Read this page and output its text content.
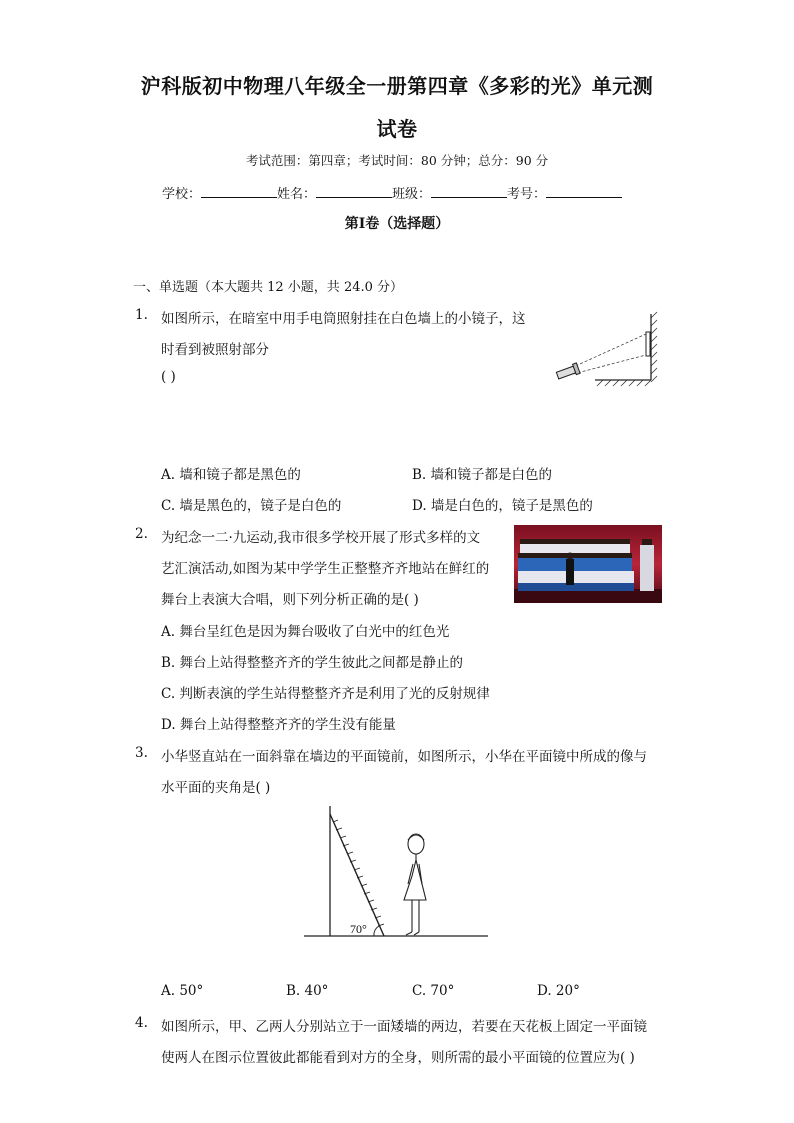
沪科版初中物理八年级全一册第四章《多彩的光》单元测
试卷
考试范围：第四章；考试时间：80 分钟；总分：90 分
学校：	姓名：	班级：	考号：
第Ⅰ卷（选择题）
一、单选题（本大题共 12 小题，共 24.0 分）
1. 如图所示，在暗室中用手电筒照射挂在白色墙上的小镜子，这
时看到被照射部分
( )
A. 墙和镜子都是黑色的	B. 墙和镜子都是白色的
C. 墙是黑色的，镜子是白色的	D. 墙是白色的，镜子是黑色的
2. 为纪念一二·九运动,我市很多学校开展了形式多样的文
艺汇演活动,如图为某中学学生正整整齐齐地站在鲜红的
舞台上表演大合唱，则下列分析正确的是( )
A. 舞台呈红色是因为舞台吸收了白光中的红色光
B. 舞台上站得整整齐齐的学生彼此之间都是静止的
C. 判断表演的学生站得整整齐齐是利用了光的反射规律
D. 舞台上站得整整齐齐的学生没有能量
3. 小华竖直站在一面斜靠在墙边的平面镜前，如图所示，小华在平面镜中所成的像与
水平面的夹角是( )
70°
A. 50°	B. 40°	C. 70°	D. 20°
4. 如图所示，甲、乙两人分别站立于一面矮墙的两边，若要在天花板上固定一平面镜
使两人在图示位置彼此都能看到对方的全身，则所需的最小平面镜的位置应为( )
